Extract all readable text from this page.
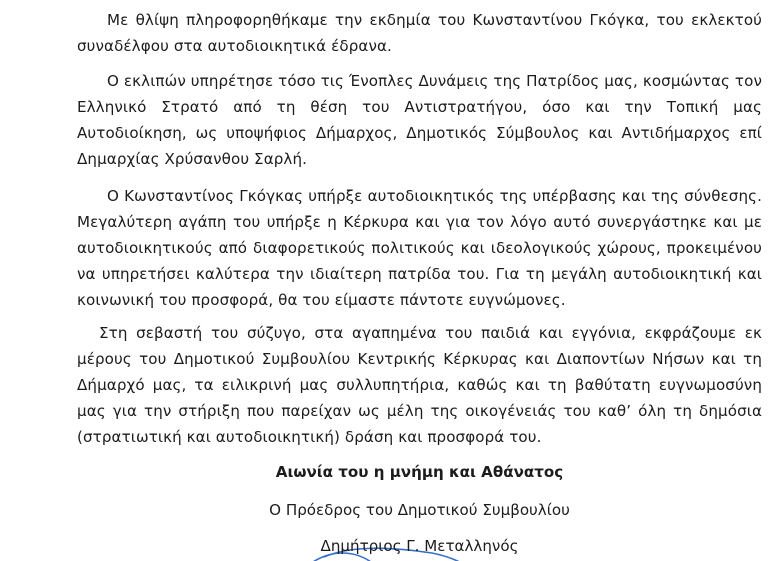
Με θλίψη πληροφορηθήκαμε την εκδημία του Κωνσταντίνου Γκόγκα, του εκλεκτού συναδέλφου στα αυτοδιοικητικά έδρανα.

Ο εκλιπών υπηρέτησε τόσο τις Ένοπλες Δυνάμεις της Πατρίδος μας, κοσμώντας τον Ελληνικό Στρατό από τη θέση του Αντιστρατήγου, όσο και την Τοπική μας Αυτοδιοίκηση, ως υποψήφιος Δήμαρχος, Δημοτικός Σύμβουλος και Αντιδήμαρχος επί Δημαρχίας Χρύσανθου Σαρλή.

Ο Κωνσταντίνος Γκόγκας υπήρξε αυτοδιοικητικός της υπέρβασης και της σύνθεσης. Μεγαλύτερη αγάπη του υπήρξε η Κέρκυρα και για τον λόγο αυτό συνεργάστηκε και με αυτοδιοικητικούς από διαφορετικούς πολιτικούς και ιδεολογικούς χώρους, προκειμένου να υπηρετήσει καλύτερα την ιδιαίτερη πατρίδα του. Για τη μεγάλη αυτοδιοικητική και κοινωνική του προσφορά, θα του είμαστε πάντοτε ευγνώμονες.

Στη σεβαστή του σύζυγο, στα αγαπημένα του παιδιά και εγγόνια, εκφράζουμε εκ μέρους του Δημοτικού Συμβουλίου Κεντρικής Κέρκυρας και Διαποντίων Νήσων και τη Δήμαρχό μας, τα ειλικρινή μας συλλυπητήρια, καθώς και τη βαθύτατη ευγνωμοσύνη μας για την στήριξη που παρείχαν ως μέλη της οικογένειάς του καθ’ όλη τη δημόσια (στρατιωτική και αυτοδιοικητική) δράση και προσφορά του.

Αιωνία του η μνήμη και Αθάνατος

Ο Πρόεδρος του Δημοτικού Συμβουλίου

Δημήτριος Γ. Μεταλληνός
